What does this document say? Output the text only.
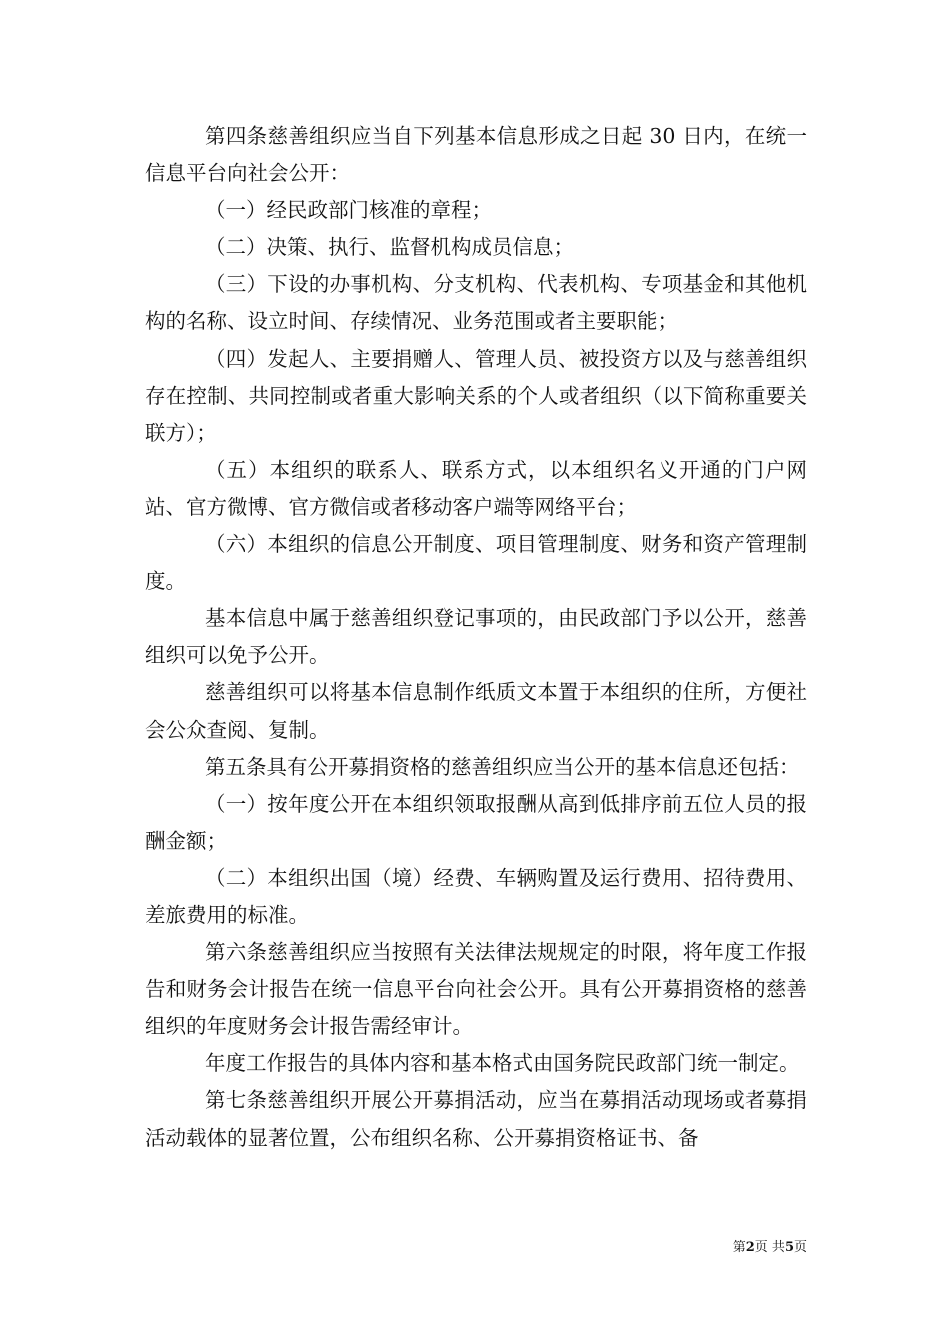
第四条慈善组织应当自下列基本信息形成之日起 30 日内，在统一信息平台向社会公开：

（一）经民政部门核准的章程；

（二）决策、执行、监督机构成员信息；

（三）下设的办事机构、分支机构、代表机构、专项基金和其他机构的名称、设立时间、存续情况、业务范围或者主要职能；

（四）发起人、主要捐赠人、管理人员、被投资方以及与慈善组织存在控制、共同控制或者重大影响关系的个人或者组织（以下简称重要关联方）；

（五）本组织的联系人、联系方式，以本组织名义开通的门户网站、官方微博、官方微信或者移动客户端等网络平台；

（六）本组织的信息公开制度、项目管理制度、财务和资产管理制度。

基本信息中属于慈善组织登记事项的，由民政部门予以公开，慈善组织可以免予公开。

慈善组织可以将基本信息制作纸质文本置于本组织的住所，方便社会公众查阅、复制。

第五条具有公开募捐资格的慈善组织应当公开的基本信息还包括：

（一）按年度公开在本组织领取报酬从高到低排序前五位人员的报酬金额；

（二）本组织出国（境）经费、车辆购置及运行费用、招待费用、差旅费用的标准。

第六条慈善组织应当按照有关法律法规规定的时限，将年度工作报告和财务会计报告在统一信息平台向社会公开。具有公开募捐资格的慈善组织的年度财务会计报告需经审计。

年度工作报告的具体内容和基本格式由国务院民政部门统一制定。

第七条慈善组织开展公开募捐活动，应当在募捐活动现场或者募捐活动载体的显著位置，公布组织名称、公开募捐资格证书、备

第2页 共5页
